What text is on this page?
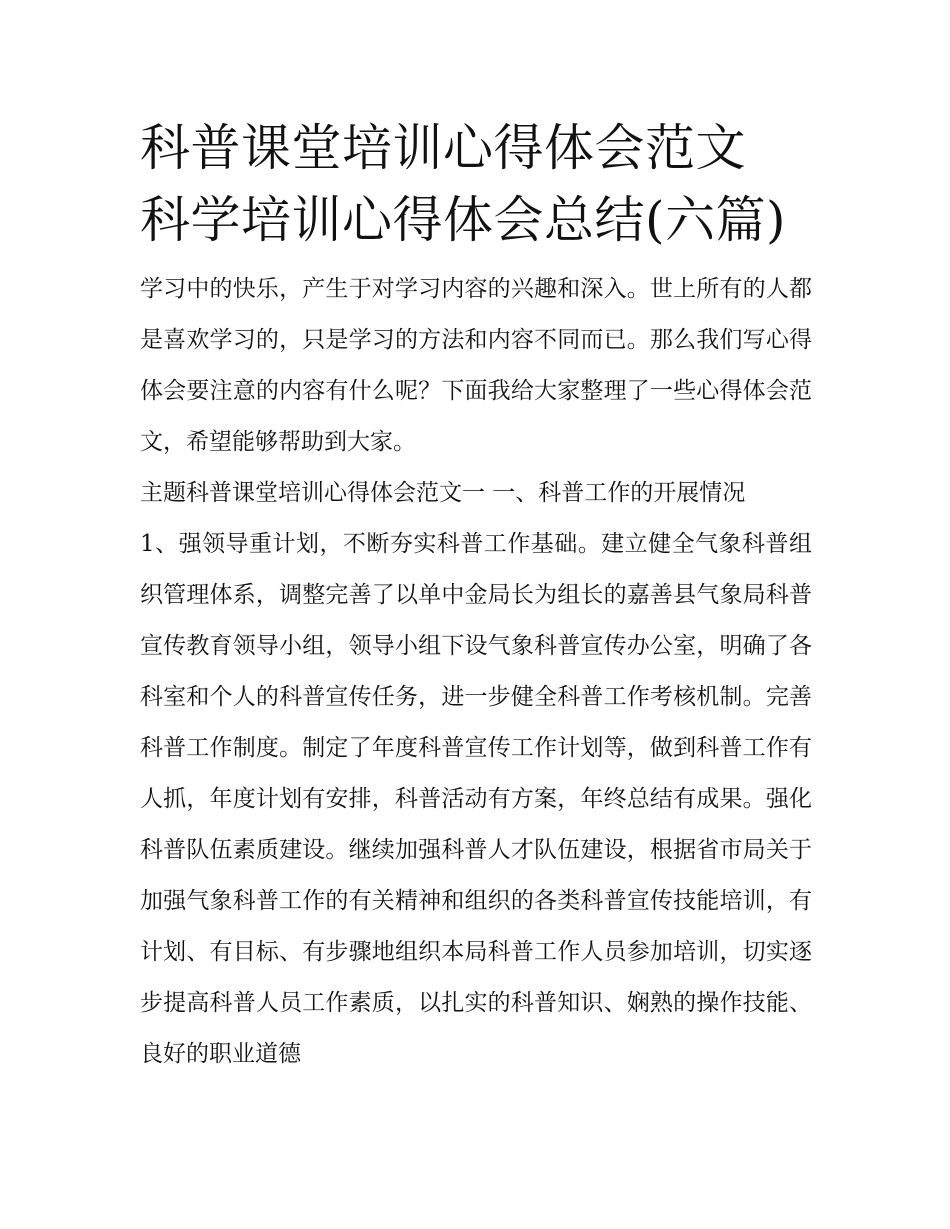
科普课堂培训心得体会范文 科学培训心得体会总结(六篇)

学习中的快乐，产生于对学习内容的兴趣和深入。世上所有的人都是喜欢学习的，只是学习的方法和内容不同而已。那么我们写心得体会要注意的内容有什么呢？下面我给大家整理了一些心得体会范文，希望能够帮助到大家。

主题科普课堂培训心得体会范文一 一、科普工作的开展情况

1、强领导重计划，不断夯实科普工作基础。建立健全气象科普组织管理体系，调整完善了以单中金局长为组长的嘉善县气象局科普宣传教育领导小组，领导小组下设气象科普宣传办公室，明确了各科室和个人的科普宣传任务，进一步健全科普工作考核机制。完善科普工作制度。制定了年度科普宣传工作计划等，做到科普工作有人抓，年度计划有安排，科普活动有方案，年终总结有成果。强化科普队伍素质建设。继续加强科普人才队伍建设，根据省市局关于加强气象科普工作的有关精神和组织的各类科普宣传技能培训，有计划、有目标、有步骤地组织本局科普工作人员参加培训，切实逐步提高科普人员工作素质，以扎实的科普知识、娴熟的操作技能、良好的职业道德
